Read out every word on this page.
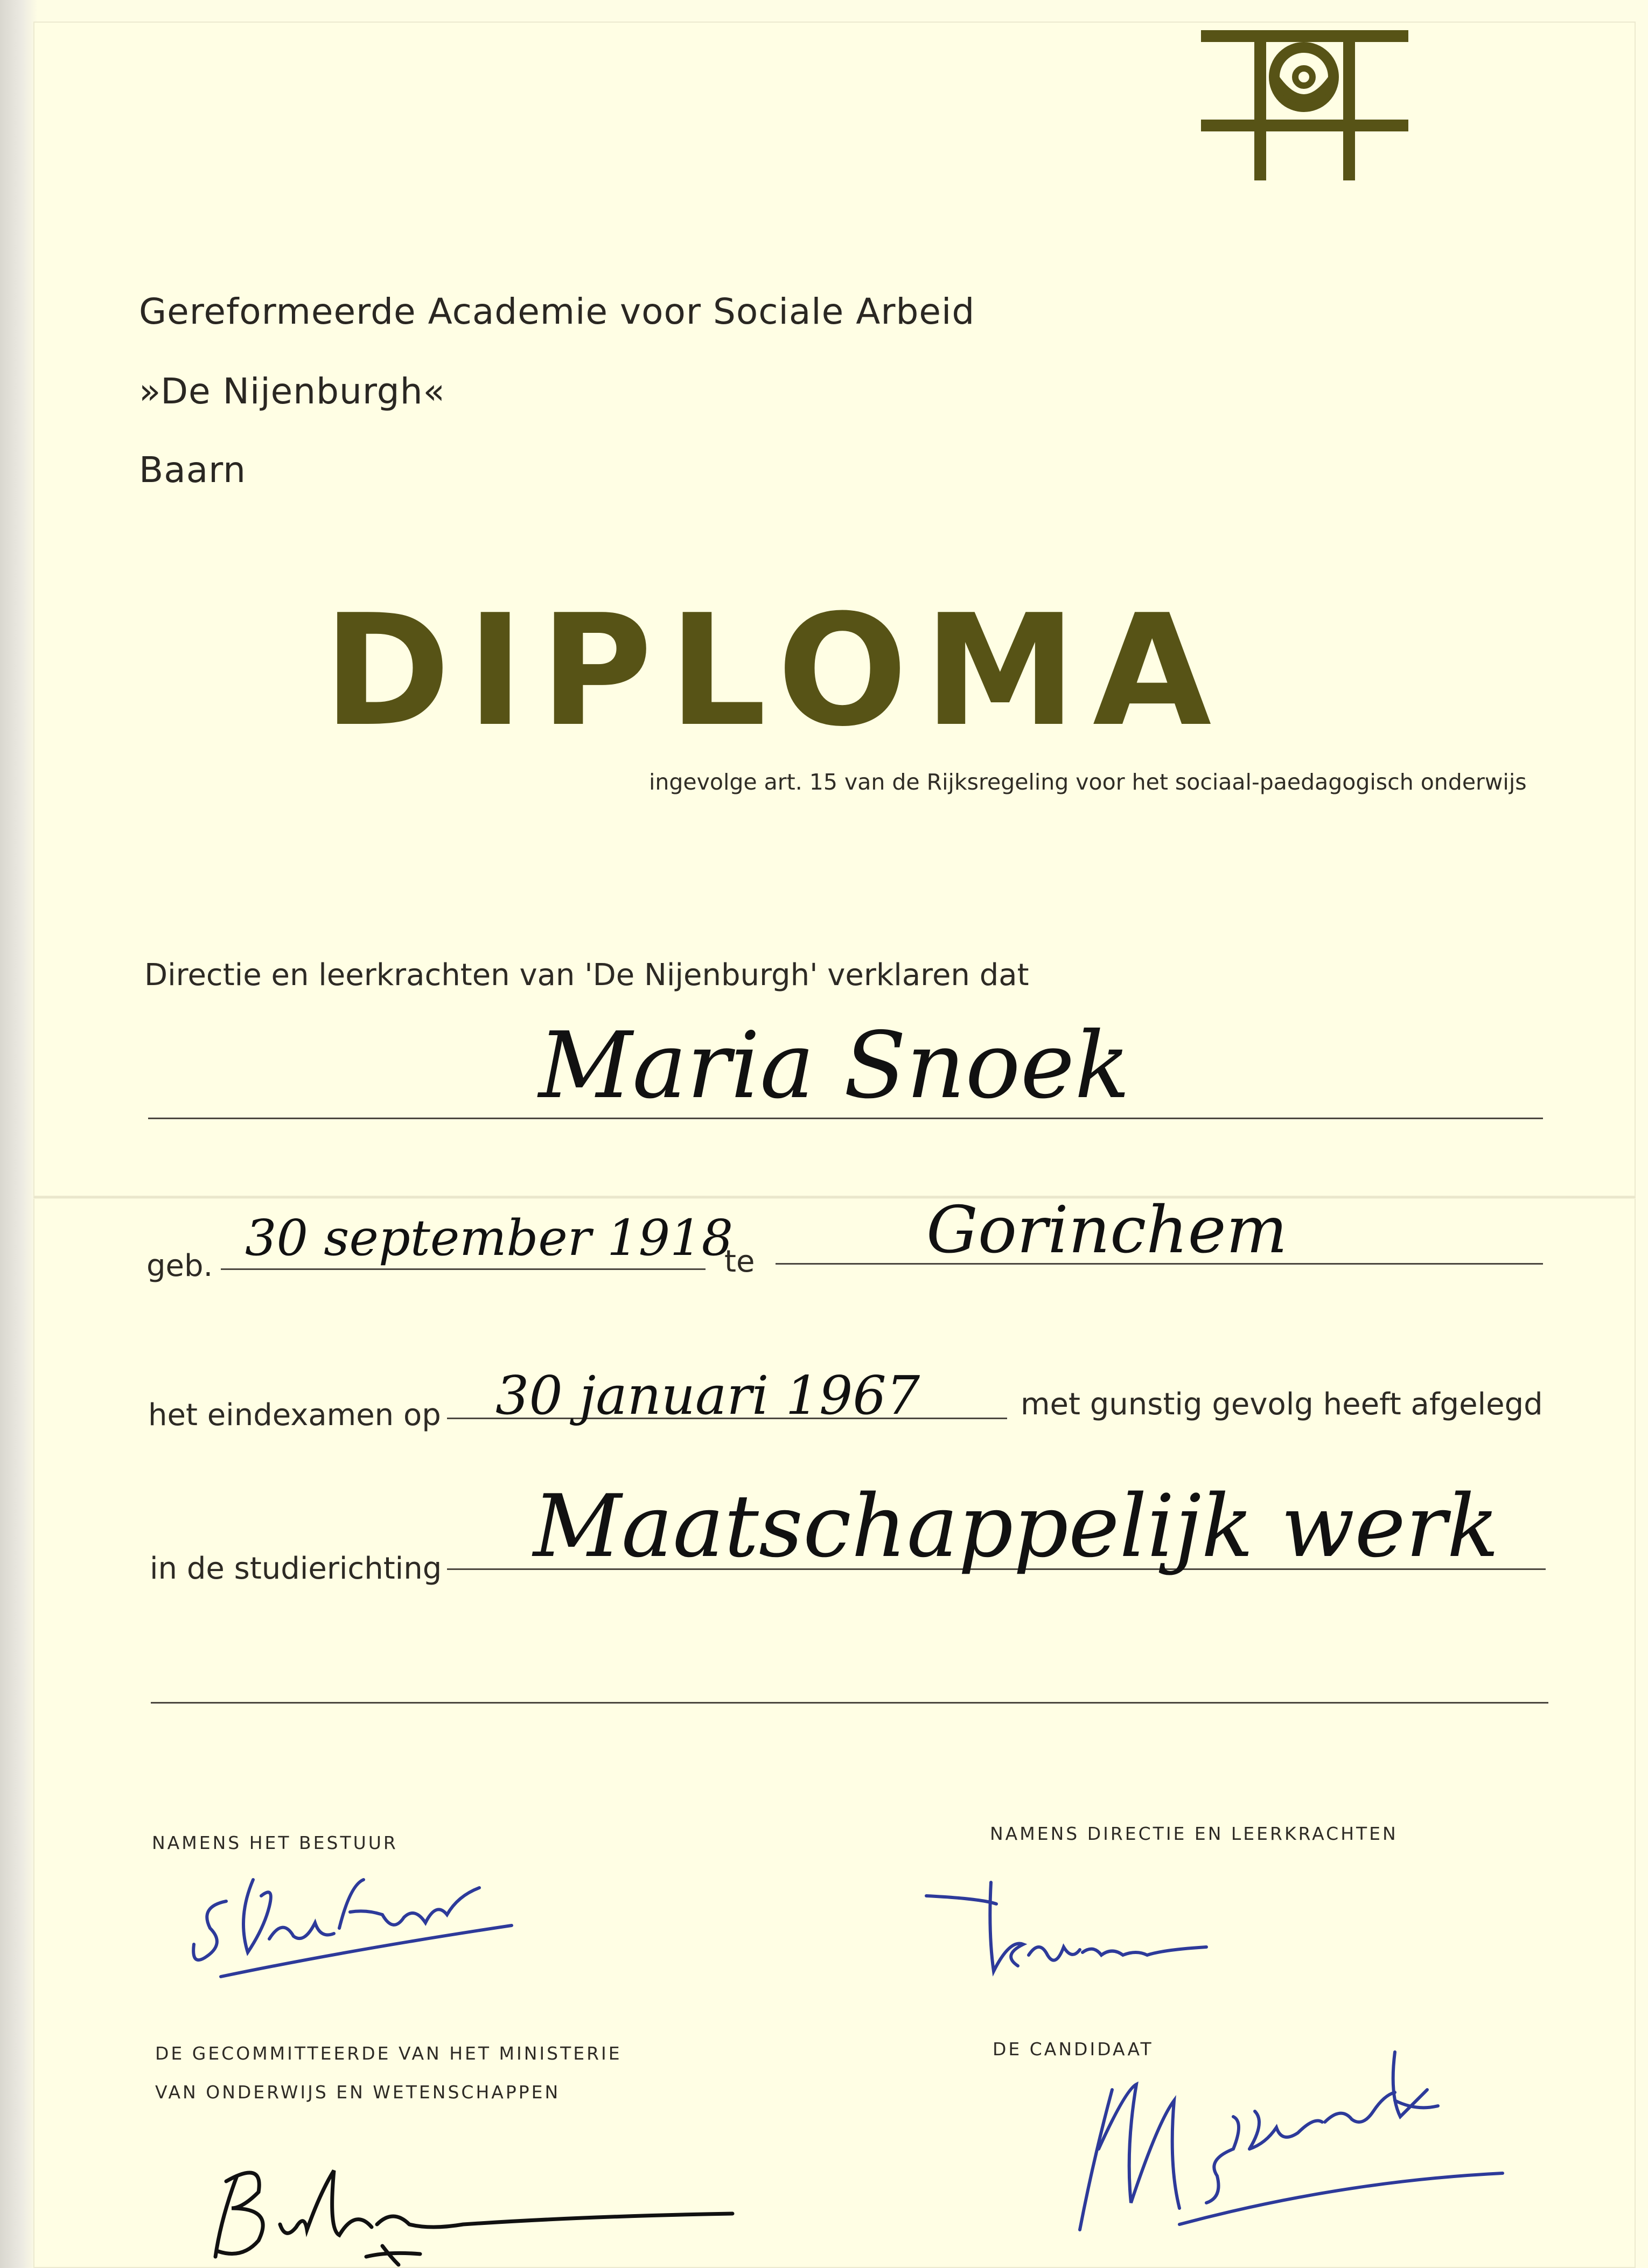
Gereformeerde Academie voor Sociale Arbeid
»De Nijenburgh«
Baarn
DIPLOMA
ingevolge art. 15 van de Rijksregeling voor het sociaal-paedagogisch onderwijs
Directie en leerkrachten van 'De Nijenburgh' verklaren dat
Maria Snoek
geb. 30 september 1918
te	Gorinchem
het eindexamen op 30 januari 1967	met gunstig gevolg heeft afgelegd
in de studierichting Maatschappelijk werk
NAMENS HET BESTUUR	NAMENS DIRECTIE EN LEERKRACHTEN
DE GECOMMITTEERDE VAN HET MINISTERIE
VAN ONDERWIJS EN WETENSCHAPPEN
DE CANDIDAAT
